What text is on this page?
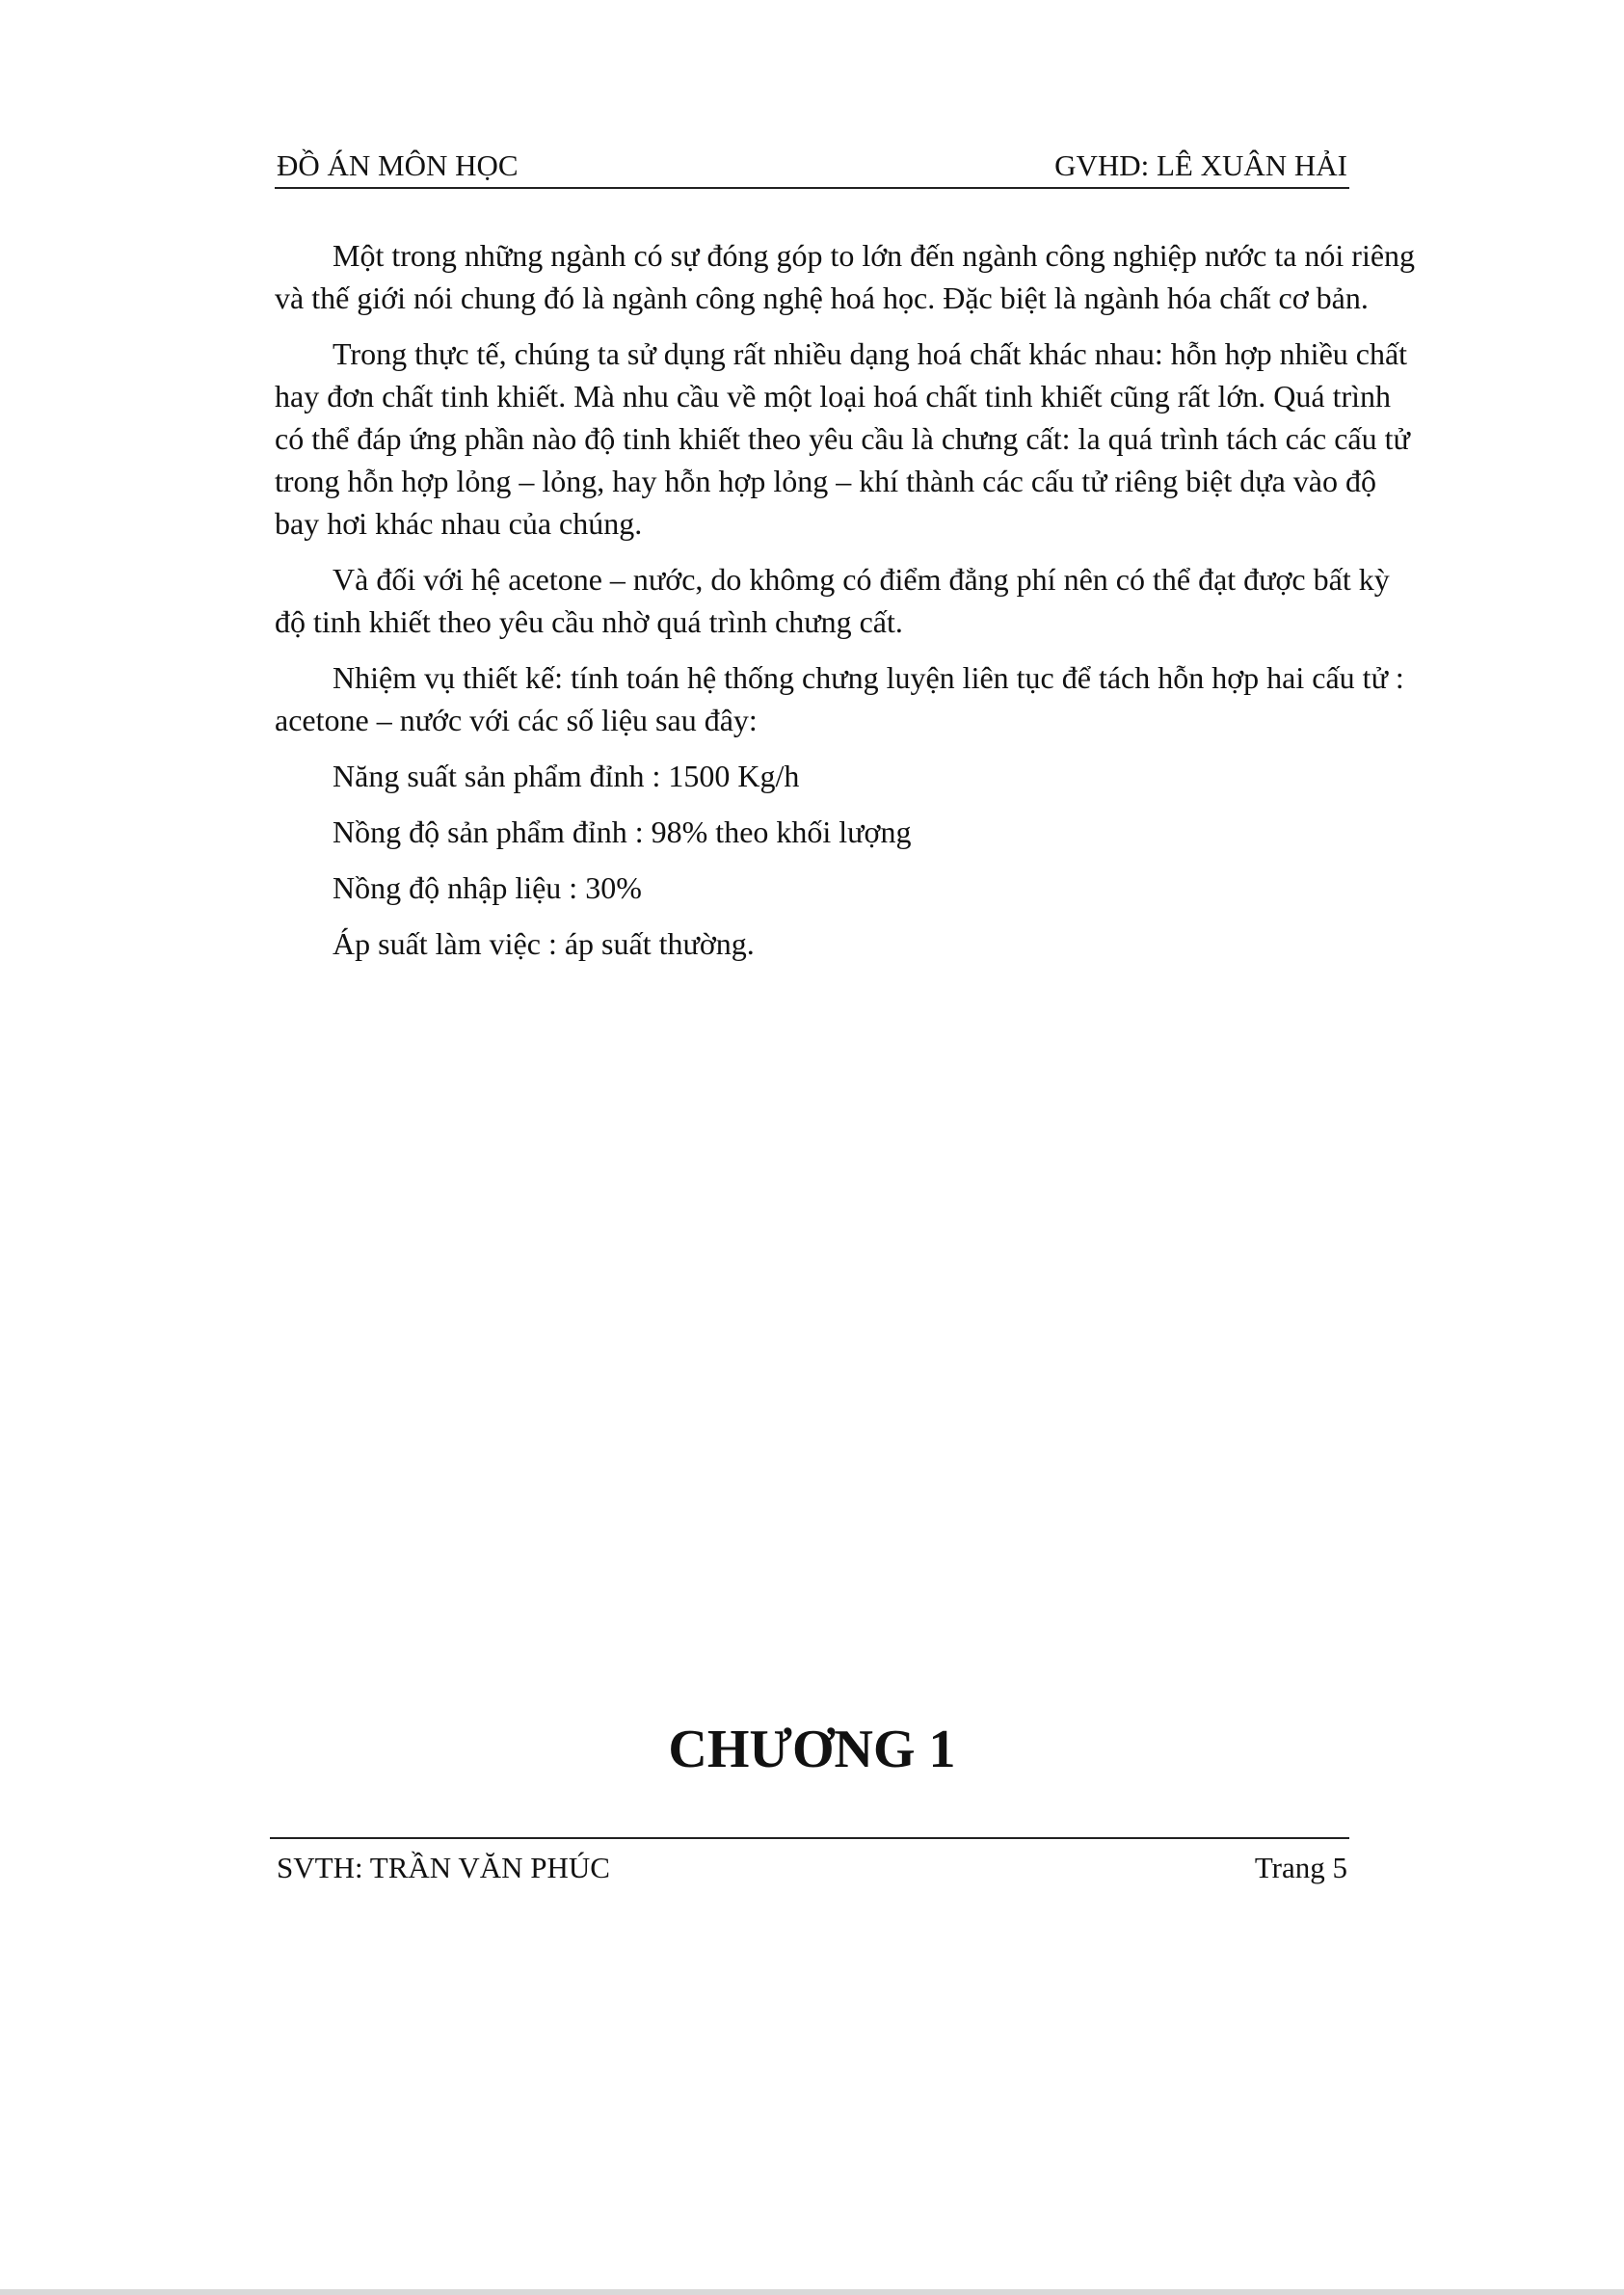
ĐỒ ÁN MÔN HỌC	GVHD: LÊ XUÂN HẢI

Một trong những ngành có sự đóng góp to lớn đến ngành công nghiệp nước ta nói riêng và thế giới nói chung đó là ngành công nghệ hoá học. Đặc biệt là ngành hóa chất cơ bản.

Trong thực tế, chúng ta sử dụng rất nhiều dạng hoá chất khác nhau: hỗn hợp nhiều chất hay đơn chất tinh khiết. Mà nhu cầu về một loại hoá chất tinh khiết cũng rất lớn. Quá trình có thể đáp ứng phần nào độ tinh khiết theo yêu cầu là chưng cất: la quá trình tách các cấu tử trong hỗn hợp lỏng – lỏng, hay hỗn hợp lỏng – khí thành các cấu tử riêng biệt dựa vào độ bay hơi khác nhau của chúng.

Và đối với hệ acetone – nước, do khômg có điểm đẳng phí nên có thể đạt được bất kỳ độ tinh khiết theo yêu cầu nhờ quá trình chưng cất.

Nhiệm vụ thiết kế: tính toán hệ thống chưng luyện liên tục để tách hỗn hợp hai cấu tử : acetone – nước với các số liệu sau đây:

Năng suất sản phẩm đỉnh : 1500 Kg/h

Nồng độ sản phẩm đỉnh : 98% theo khối lượng

Nồng độ nhập liệu : 30%

Áp suất làm việc : áp suất thường.

CHƯƠNG 1
SVTH: TRẦN VĂN PHÚC	Trang 5
